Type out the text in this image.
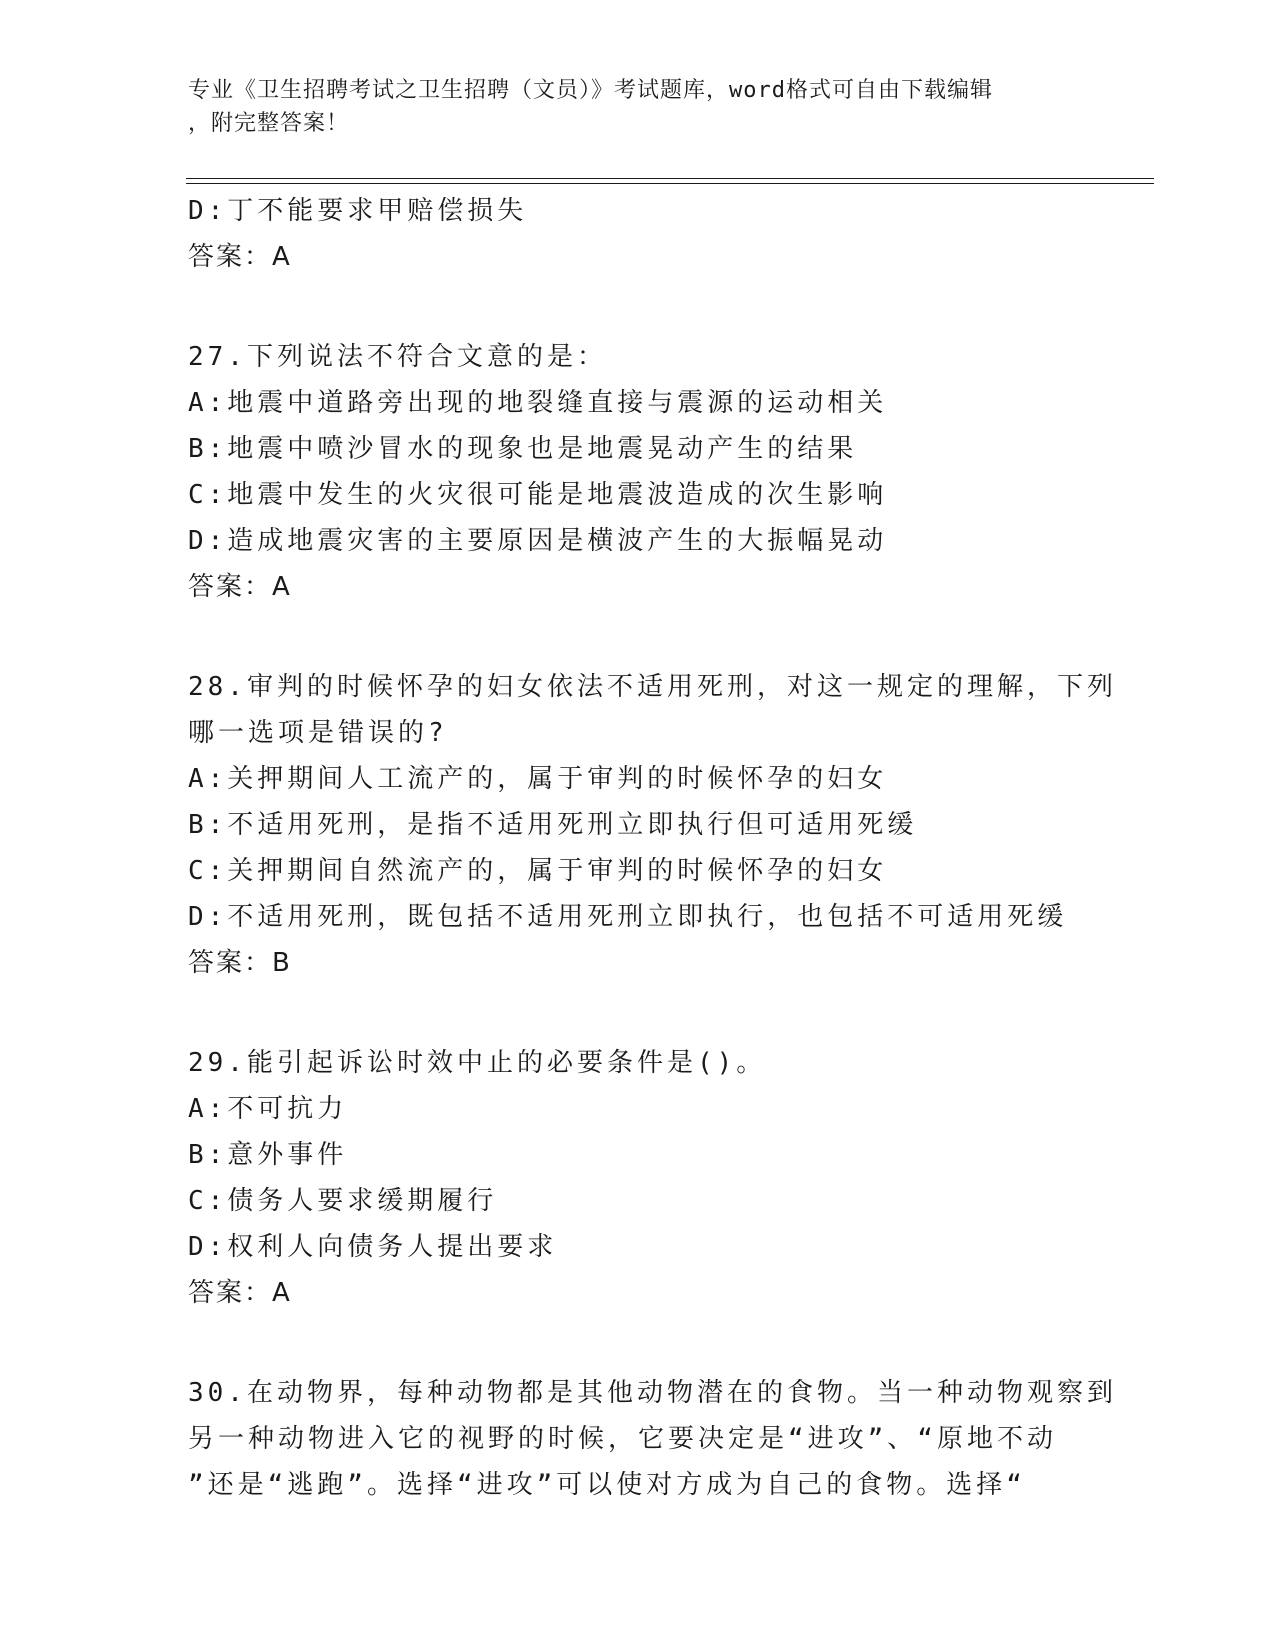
专业《卫生招聘考试之卫生招聘（文员）》考试题库，word格式可自由下载编辑
，附完整答案！
D:丁不能要求甲赔偿损失
答案：A
27.下列说法不符合文意的是：
A:地震中道路旁出现的地裂缝直接与震源的运动相关
B:地震中喷沙冒水的现象也是地震晃动产生的结果
C:地震中发生的火灾很可能是地震波造成的次生影响
D:造成地震灾害的主要原因是横波产生的大振幅晃动
答案：A
28.审判的时候怀孕的妇女依法不适用死刑，对这一规定的理解，下列
哪一选项是错误的?
A:关押期间人工流产的，属于审判的时候怀孕的妇女
B:不适用死刑，是指不适用死刑立即执行但可适用死缓
C:关押期间自然流产的，属于审判的时候怀孕的妇女
D:不适用死刑，既包括不适用死刑立即执行，也包括不可适用死缓
答案：B
29.能引起诉讼时效中止的必要条件是()。
A:不可抗力
B:意外事件
C:债务人要求缓期履行
D:权利人向债务人提出要求
答案：A
30.在动物界，每种动物都是其他动物潜在的食物。当一种动物观察到
另一种动物进入它的视野的时候，它要决定是“进攻”、“原地不动
”还是“逃跑”。选择“进攻”可以使对方成为自己的食物。选择“
